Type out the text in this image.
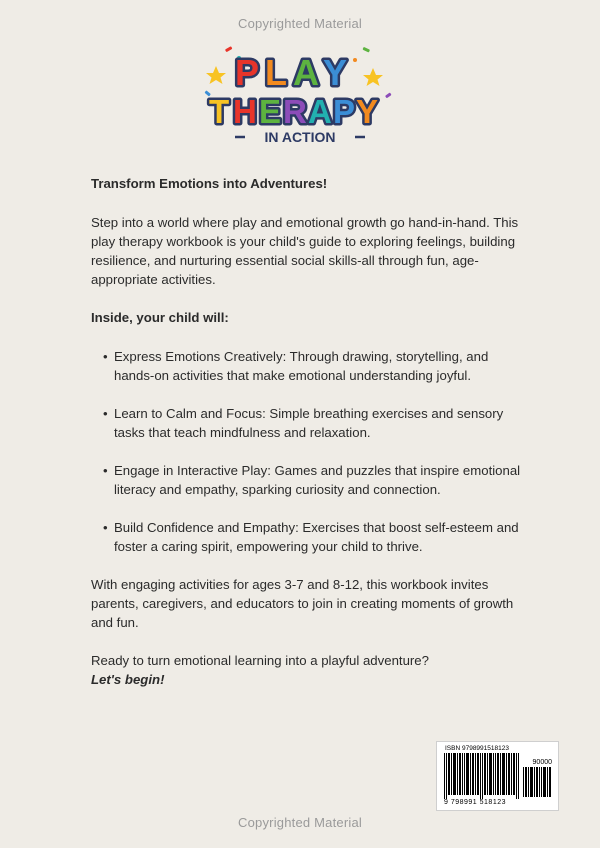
Copyrighted Material
P L A Y
T H E R A P Y
IN ACTION

Transform Emotions into Adventures!

Step into a world where play and emotional growth go hand-in-hand. This play therapy workbook is your child's guide to exploring feelings, building resilience, and nurturing essential social skills-all through fun, age-appropriate activities.

Inside, your child will:

• Express Emotions Creatively: Through drawing, storytelling, and hands-on activities that make emotional understanding joyful.
• Learn to Calm and Focus: Simple breathing exercises and sensory tasks that teach mindfulness and relaxation.
• Engage in Interactive Play: Games and puzzles that inspire emotional literacy and empathy, sparking curiosity and connection.
• Build Confidence and Empathy: Exercises that boost self-esteem and foster a caring spirit, empowering your child to thrive.

With engaging activities for ages 3-7 and 8-12, this workbook invites parents, caregivers, and educators to join in creating moments of growth and fun.

Ready to turn emotional learning into a playful adventure?

Let's begin!

ISBN 9798991518123
90000
9 798991 518123
Copyrighted Material
